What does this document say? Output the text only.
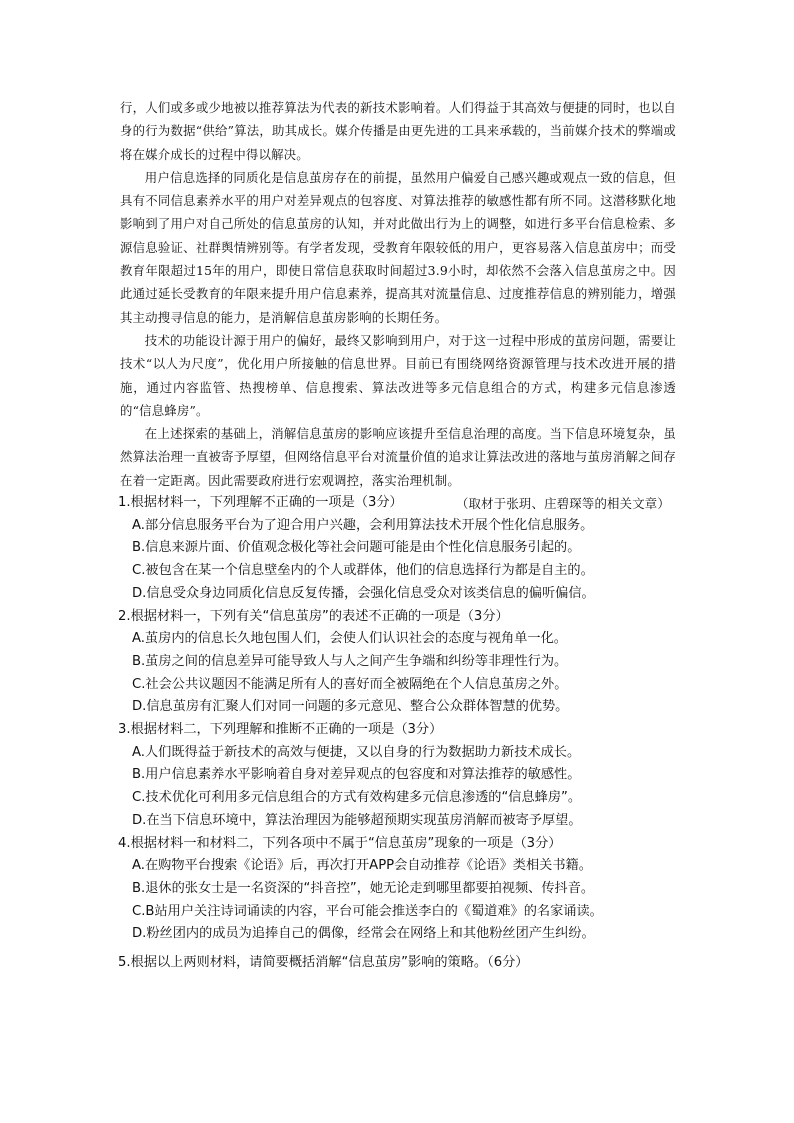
行，人们或多或少地被以推荐算法为代表的新技术影响着。人们得益于其高效与便捷的同时，也以自身的行为数据“供给”算法，助其成长。媒介传播是由更先进的工具来承载的，当前媒介技术的弊端或将在媒介成长的过程中得以解决。

用户信息选择的同质化是信息茧房存在的前提，虽然用户偏爱自己感兴趣或观点一致的信息，但具有不同信息素养水平的用户对差异观点的包容度、对算法推荐的敏感性都有所不同。这潜移默化地影响到了用户对自己所处的信息茧房的认知，并对此做出行为上的调整，如进行多平台信息检索、多源信息验证、社群舆情辨别等。有学者发现，受教育年限较低的用户，更容易落入信息茧房中；而受教育年限超过15年的用户，即使日常信息获取时间超过3.9小时，却依然不会落入信息茧房之中。因此通过延长受教育的年限来提升用户信息素养，提高其对流量信息、过度推荐信息的辨别能力，增强其主动搜寻信息的能力，是消解信息茧房影响的长期任务。

技术的功能设计源于用户的偏好，最终又影响到用户，对于这一过程中形成的茧房问题，需要让技术“以人为尺度”，优化用户所接触的信息世界。目前已有围绕网络资源管理与技术改进开展的措施，通过内容监管、热搜榜单、信息搜索、算法改进等多元信息组合的方式，构建多元信息渗透的“信息蜂房”。

在上述探索的基础上，消解信息茧房的影响应该提升至信息治理的高度。当下信息环境复杂，虽然算法治理一直被寄予厚望，但网络信息平台对流量价值的追求让算法改进的落地与茧房消解之间存在着一定距离。因此需要政府进行宏观调控，落实治理机制。

（取材于张玥、庄碧琛等的相关文章）

1.根据材料一，下列理解不正确的一项是（3分）

A.部分信息服务平台为了迎合用户兴趣，会利用算法技术开展个性化信息服务。

B.信息来源片面、价值观念极化等社会问题可能是由个性化信息服务引起的。

C.被包含在某一个信息壁垒内的个人或群体，他们的信息选择行为都是自主的。

D.信息受众身边同质化信息反复传播，会强化信息受众对该类信息的偏听偏信。

2.根据材料一，下列有关“信息茧房”的表述不正确的一项是（3分）

A.茧房内的信息长久地包围人们，会使人们认识社会的态度与视角单一化。

B.茧房之间的信息差异可能导致人与人之间产生争端和纠纷等非理性行为。

C.社会公共议题因不能满足所有人的喜好而全被隔绝在个人信息茧房之外。

D.信息茧房有汇聚人们对同一问题的多元意见、整合公众群体智慧的优势。

3.根据材料二，下列理解和推断不正确的一项是（3分）

A.人们既得益于新技术的高效与便捷，又以自身的行为数据助力新技术成长。

B.用户信息素养水平影响着自身对差异观点的包容度和对算法推荐的敏感性。

C.技术优化可利用多元信息组合的方式有效构建多元信息渗透的“信息蜂房”。

D.在当下信息环境中，算法治理因为能够超预期实现茧房消解而被寄予厚望。

4.根据材料一和材料二，下列各项中不属于“信息茧房”现象的一项是（3分）

A.在购物平台搜索《论语》后，再次打开APP会自动推荐《论语》类相关书籍。

B.退休的张女士是一名资深的“抖音控”，她无论走到哪里都要拍视频、传抖音。

C.B站用户关注诗词诵读的内容，平台可能会推送李白的《蜀道难》的名家诵读。

D.粉丝团内的成员为追捧自己的偶像，经常会在网络上和其他粉丝团产生纠纷。

5.根据以上两则材料，请简要概括消解“信息茧房”影响的策略。（6分）
